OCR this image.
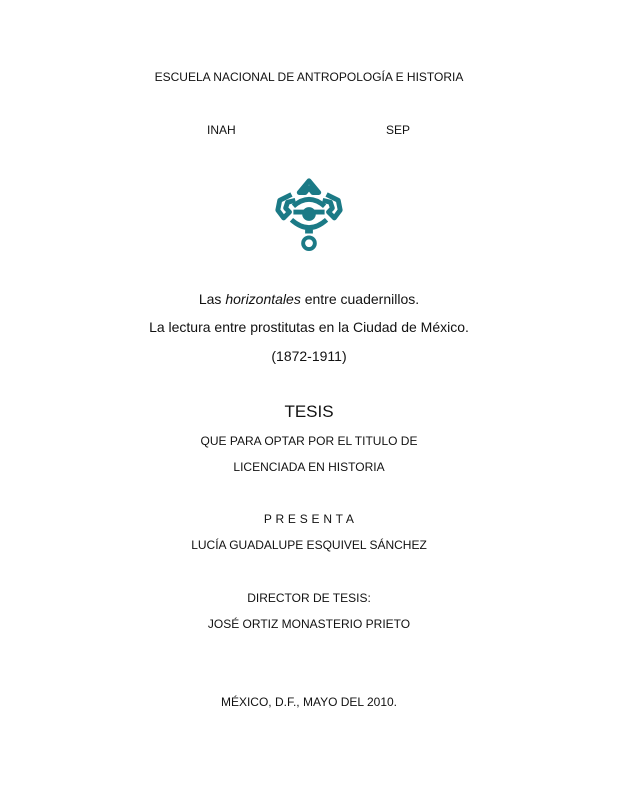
ESCUELA NACIONAL DE ANTROPOLOGÍA E HISTORIA
INAH	SEP
Las horizontales entre cuadernillos.
La lectura entre prostitutas en la Ciudad de México.
(1872-1911)
TESIS
QUE PARA OPTAR POR EL TITULO DE
LICENCIADA EN HISTORIA
P R E S E N T A
LUCÍA GUADALUPE ESQUIVEL SÁNCHEZ
DIRECTOR DE TESIS:
JOSÉ ORTIZ MONASTERIO PRIETO
MÉXICO, D.F., MAYO DEL 2010.
